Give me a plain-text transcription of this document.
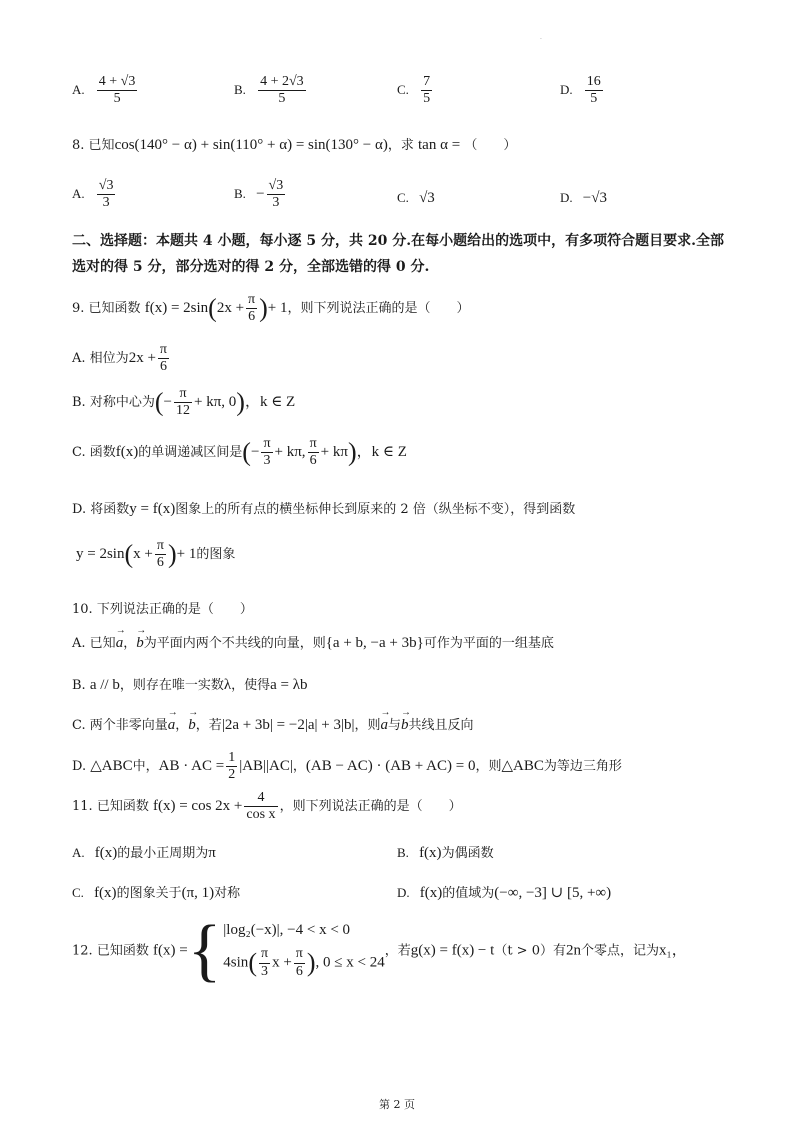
.
A. $\frac{4 + √3}{5}$	B. $\frac{4 + 2√3}{5}$	C. $\frac{7}{5}$	D. $\frac{16}{5}$
8. 已知cos(140° − α) + sin(110° + α) = sin(130° − α)，求 tan α = （　　）
A. $\frac{√3}{3}$	B. − $\frac{√3}{3}$	C. √3	D. −√3
二、选择题：本题共 4 小题，每小逐 5 分，共 20 分.在每小题给出的选项中，有多项符合题目要求.全部选对的得 5 分，部分选对的得 2 分，全部选错的得 0 分.
9. 已知函数 $f(x) = 2\sin(2x + \frac{\pi}{6}$ )+ 1，则下列说法正确的是（　　）
A. 相位为$2x + \frac{\pi}{6}$
B. 对称中心为(− $\frac{\pi}{12} + k\pi$, 0)，k ∈ Z
C. 函数f(x)的单调递减区间是(− $\frac{\pi}{3} + k\pi$, $\frac{\pi}{6} + k\pi$)，k ∈ Z
D. 将函数y = f(x)图象上的所有点的横坐标伸长到原来的 2 倍（纵坐标不变），得到函数
$y = 2\sin(x + \frac{\pi}{6}$ )+ 1的图象
10. 下列说法正确的是（　　）
A. 已知→ a，→ b为平面内两个不共线的向量，则{a + b, −a + 3b}可作为平面的一组基底
B. a // b，则存在唯一实数λ，使得a = λb
C. 两个非零向量→ a，→ b，若|2a + 3b| = −2|a| + 3|b|，则→ a与→ b共线且反向
D. △ABC中，AB · AC = $\frac{1}{2} |AB||AC|$，(AB − AC) · (AB + AC) = 0，则△ABC为等边三角形
11. 已知函数 $f(x) = \cos 2x + \frac{4}{\text{cos x}}$ ，则下列说法正确的是（　　）
A. f(x)的最小正周期为π	B. f(x)为偶函数
C. f(x)的图象关于(π, 1)对称	D. f(x)的值域为(−∞, −3] ∪ [5, +∞)
12. 已知函数 f(x) ={ |log₂(−x)|, −4 < x < 0
$4\sin( \frac{\pi}{3}$ $x + \frac{\pi}{6}$ ), 0 ≤ x < 24
，若g(x) = f(x) − t（t > 0）有2n个零点，记为x₁，
第 2 页
